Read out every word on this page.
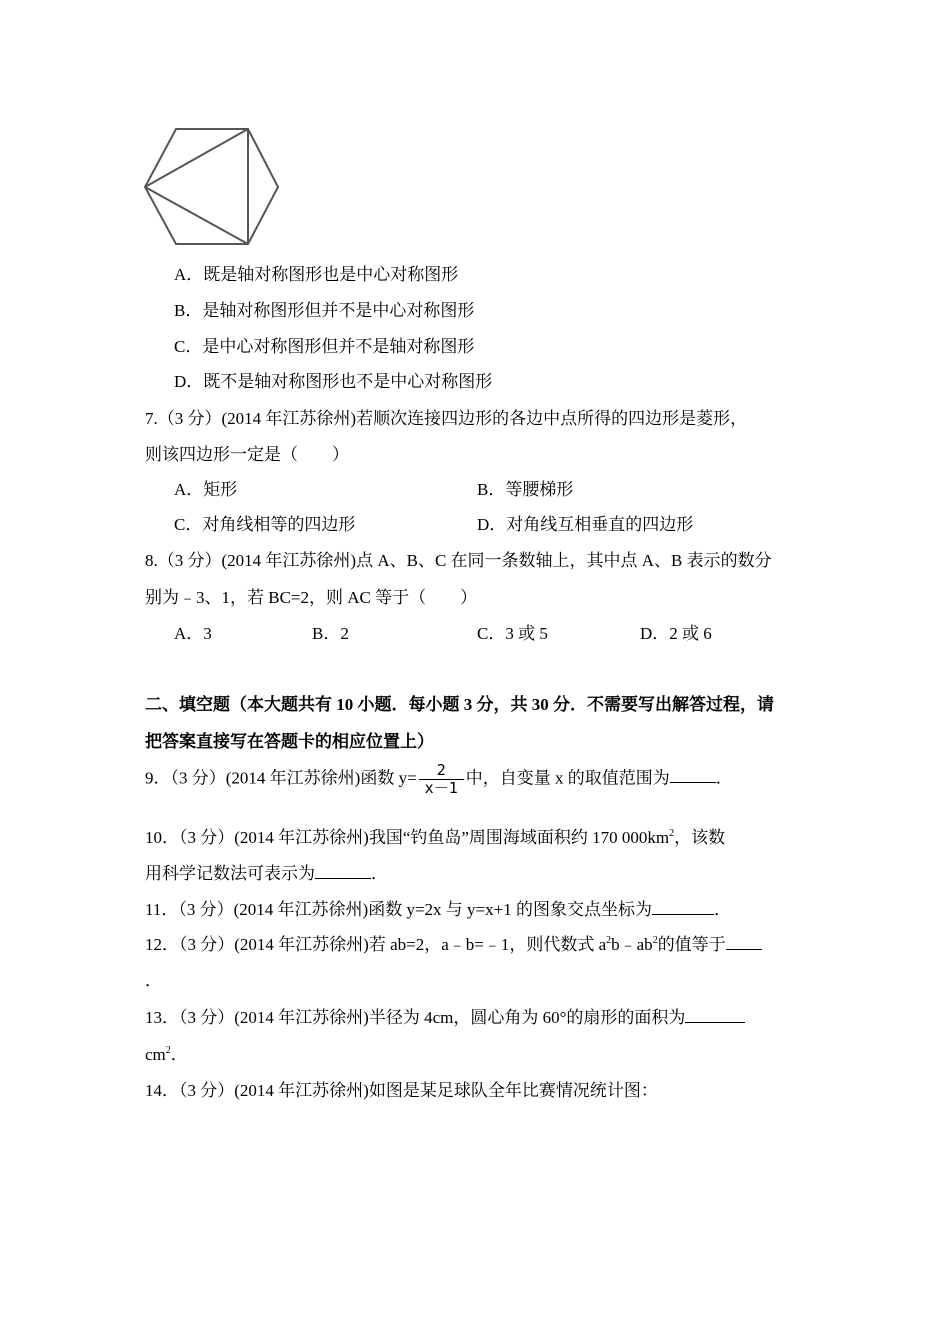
A．既是轴对称图形也是中心对称图形
B．是轴对称图形但并不是中心对称图形
C．是中心对称图形但并不是轴对称图形
D．既不是轴对称图形也不是中心对称图形
7.（3 分）(2014 年江苏徐州)若顺次连接四边形的各边中点所得的四边形是菱形，
则该四边形一定是（　　）
A．矩形	B．等腰梯形
C．对角线相等的四边形	D．对角线互相垂直的四边形
8.（3 分）(2014 年江苏徐州)点 A、B、C 在同一条数轴上，其中点 A、B 表示的数分
别为﹣3、1，若 BC=2，则 AC 等于（　　）
A．3	B．2	C．3 或 5	D．2 或 6
二、填空题（本大题共有 10 小题．每小题 3 分，共 30 分．不需要写出解答过程，请
把答案直接写在答题卡的相应位置上）
9．（3 分）(2014 年江苏徐州)函数 $y= \frac{2}{x-1}$ 中，自变量 x 的取值范围为	．
10．（3 分）(2014 年江苏徐州)我国“钓鱼岛”周围海域面积约 170 $000km^2$，该数
用科学记数法可表示为	．
11．（3 分）(2014 年江苏徐州)函数 y=2x 与 y=x+1 的图象交点坐标为	．
12．（3 分）(2014 年江苏徐州)若 ab=2，a﹣b=﹣1，则代数式 $a^2b﹣ab^2$的值等于
．
13．（3 分）(2014 年江苏徐州)半径为 4cm，圆心角为 60°的扇形的面积为
$cm^2$．
14．（3 分）(2014 年江苏徐州)如图是某足球队全年比赛情况统计图：
